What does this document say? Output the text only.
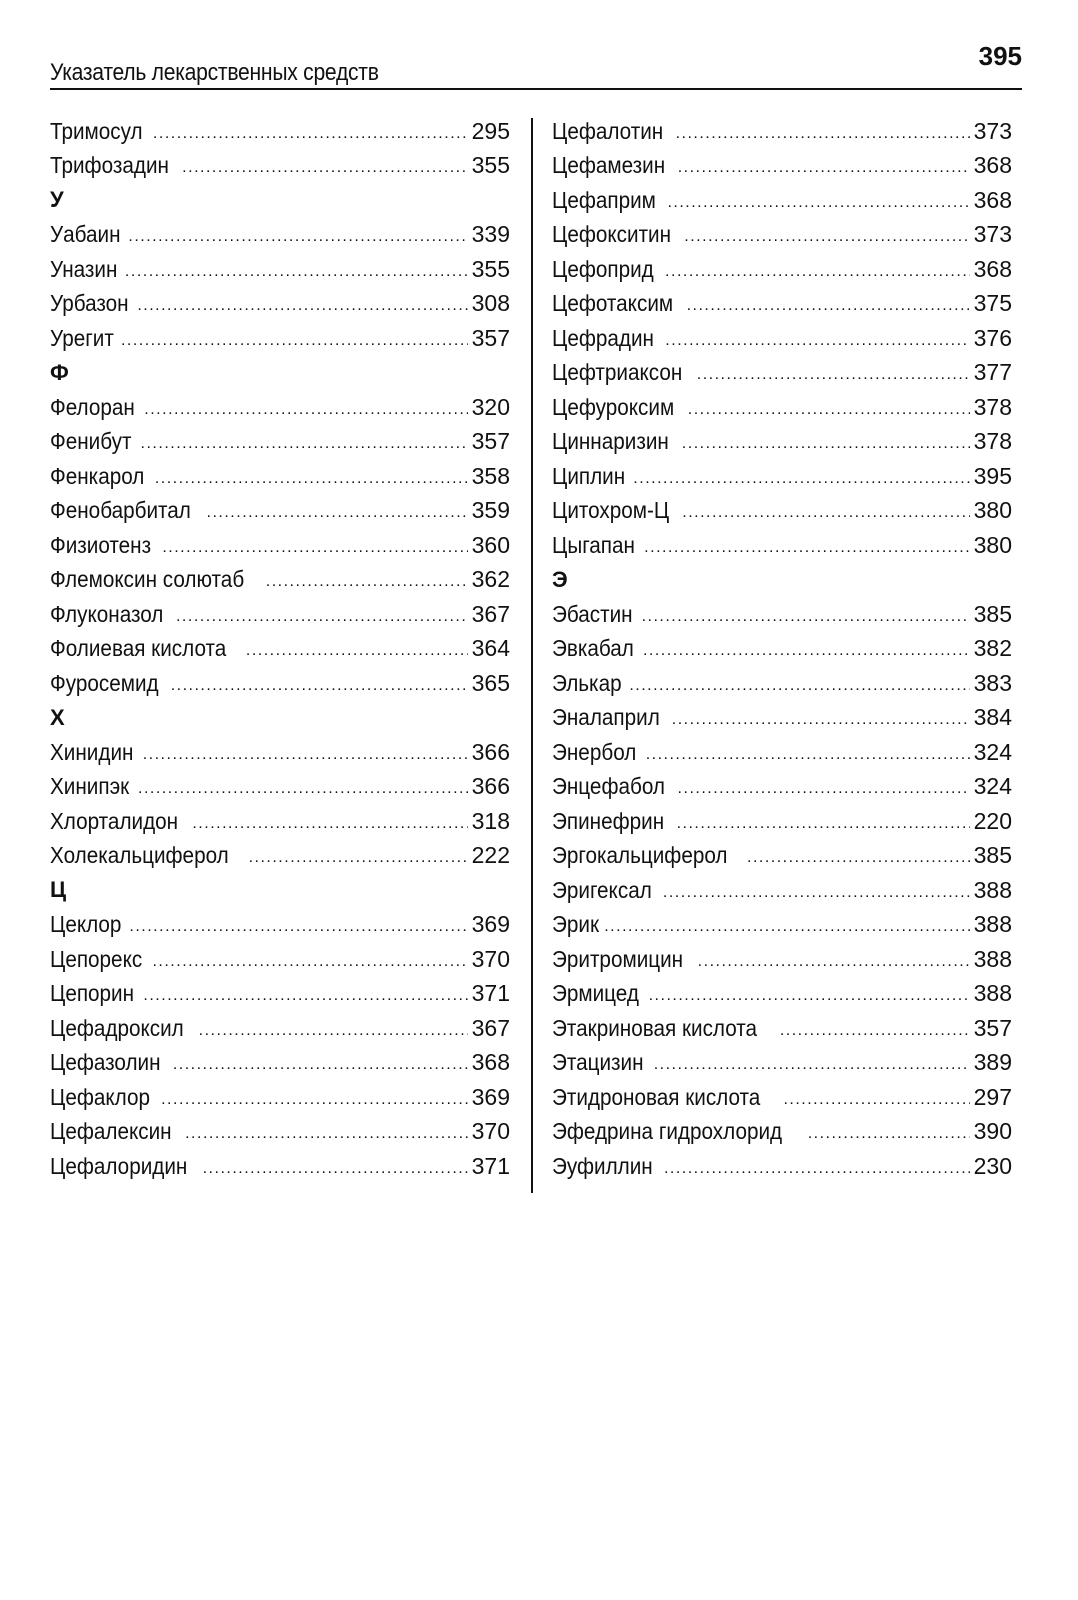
Указатель лекарственных средств
395
Тримосул .....	295
Трифозадин .....	355
У
Уабаин .....	339
Уназин .....	355
Урбазон .....	308
Урегит .....	357
Ф
Фелоран .....	320
Фенибут .....	357
Фенкарол .....	358
Фенобарбитал .....	359
Физиотенз .....	360
Флемоксин солютаб .....	362
Флуконазол .....	367
Фолиевая кислота .....	364
Фуросемид .....	365
Х
Хинидин .....	366
Хинипэк .....	366
Хлорталидон .....	318
Холекальциферол .....	222
Ц
Цеклор .....	369
Цепорекс .....	370
Цепорин .....	371
Цефадроксил .....	367
Цефазолин .....	368
Цефаклор .....	369
Цефалексин .....	370
Цефалоридин .....	371
Цефалотин .....	373
Цефамезин .....	368
Цефаприм .....	368
Цефокситин .....	373
Цефоприд .....	368
Цефотаксим .....	375
Цефрадин .....	376
Цефтриаксон .....	377
Цефуроксим .....	378
Циннаризин .....	378
Циплин .....	395
Цитохром-Ц .....	380
Цыгапан .....	380
Э
Эбастин .....	385
Эвкабал .....	382
Элькар .....	383
Эналаприл .....	384
Энербол .....	324
Энцефабол .....	324
Эпинефрин .....	220
Эргокальциферол .....	385
Эригексал .....	388
Эрик .....	388
Эритромицин .....	388
Эрмицед .....	388
Этакриновая кислота .....	357
Этацизин .....	389
Этидроновая кислота .....	297
Эфедрина гидрохлорид .....	390
Эуфиллин .....	230
